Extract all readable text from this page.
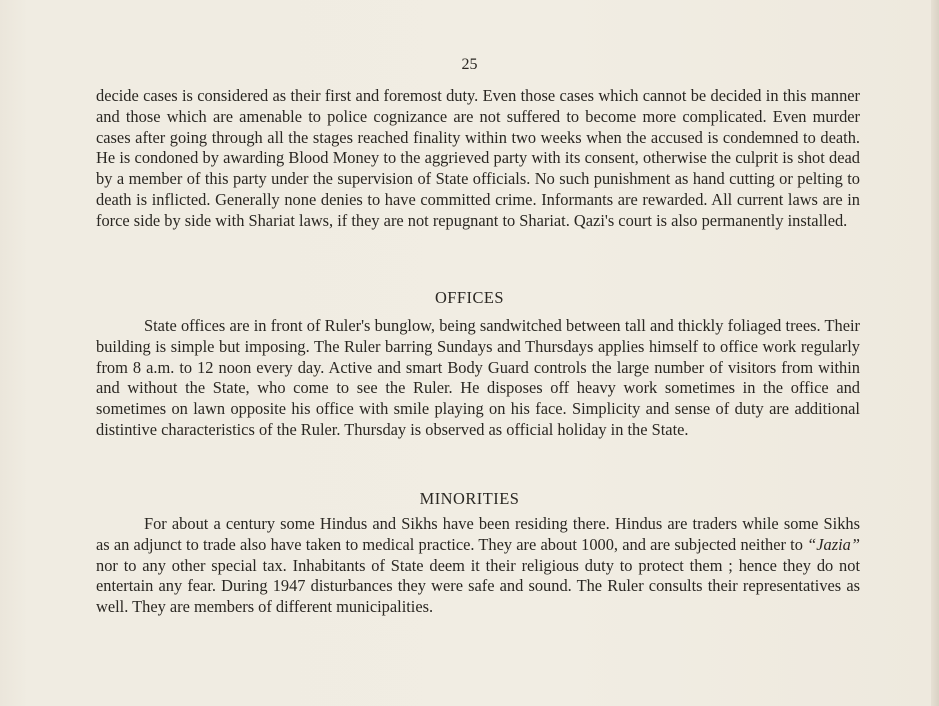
25

decide cases is considered as their first and foremost duty. Even those cases which cannot be decided in this manner and those which are amenable to police cognizance are not suffered to become more complicated. Even murder cases after going through all the stages reached finality within two weeks when the accused is condemned to death. He is condoned by awarding Blood Money to the aggrieved party with its consent, otherwise the culprit is shot dead by a member of this party under the supervision of State officials. No such punishment as hand cutting or pelting to death is inflicted. Generally none denies to have committed crime. Informants are rewarded. All current laws are in force side by side with Shariat laws, if they are not repugnant to Shariat. Qazi's court is also permanently installed.

OFFICES

State offices are in front of Ruler's bunglow, being sandwitched between tall and thickly foliaged trees. Their building is simple but imposing. The Ruler barring Sundays and Thursdays applies himself to office work regularly from 8 a.m. to 12 noon every day. Active and smart Body Guard controls the large number of visitors from within and without the State, who come to see the Ruler. He disposes off heavy work sometimes in the office and sometimes on lawn opposite his office with smile playing on his face. Simplicity and sense of duty are additional distintive characteristics of the Ruler. Thursday is observed as official holiday in the State.

MINORITIES

For about a century some Hindus and Sikhs have been residing there. Hindus are traders while some Sikhs as an adjunct to trade also have taken to medical practice. They are about 1000, and are subjected neither to “Jazia” nor to any other special tax. Inhabitants of State deem it their religious duty to protect them ; hence they do not entertain any fear. During 1947 disturbances they were safe and sound. The Ruler consults their representatives as well. They are members of different municipalities.
